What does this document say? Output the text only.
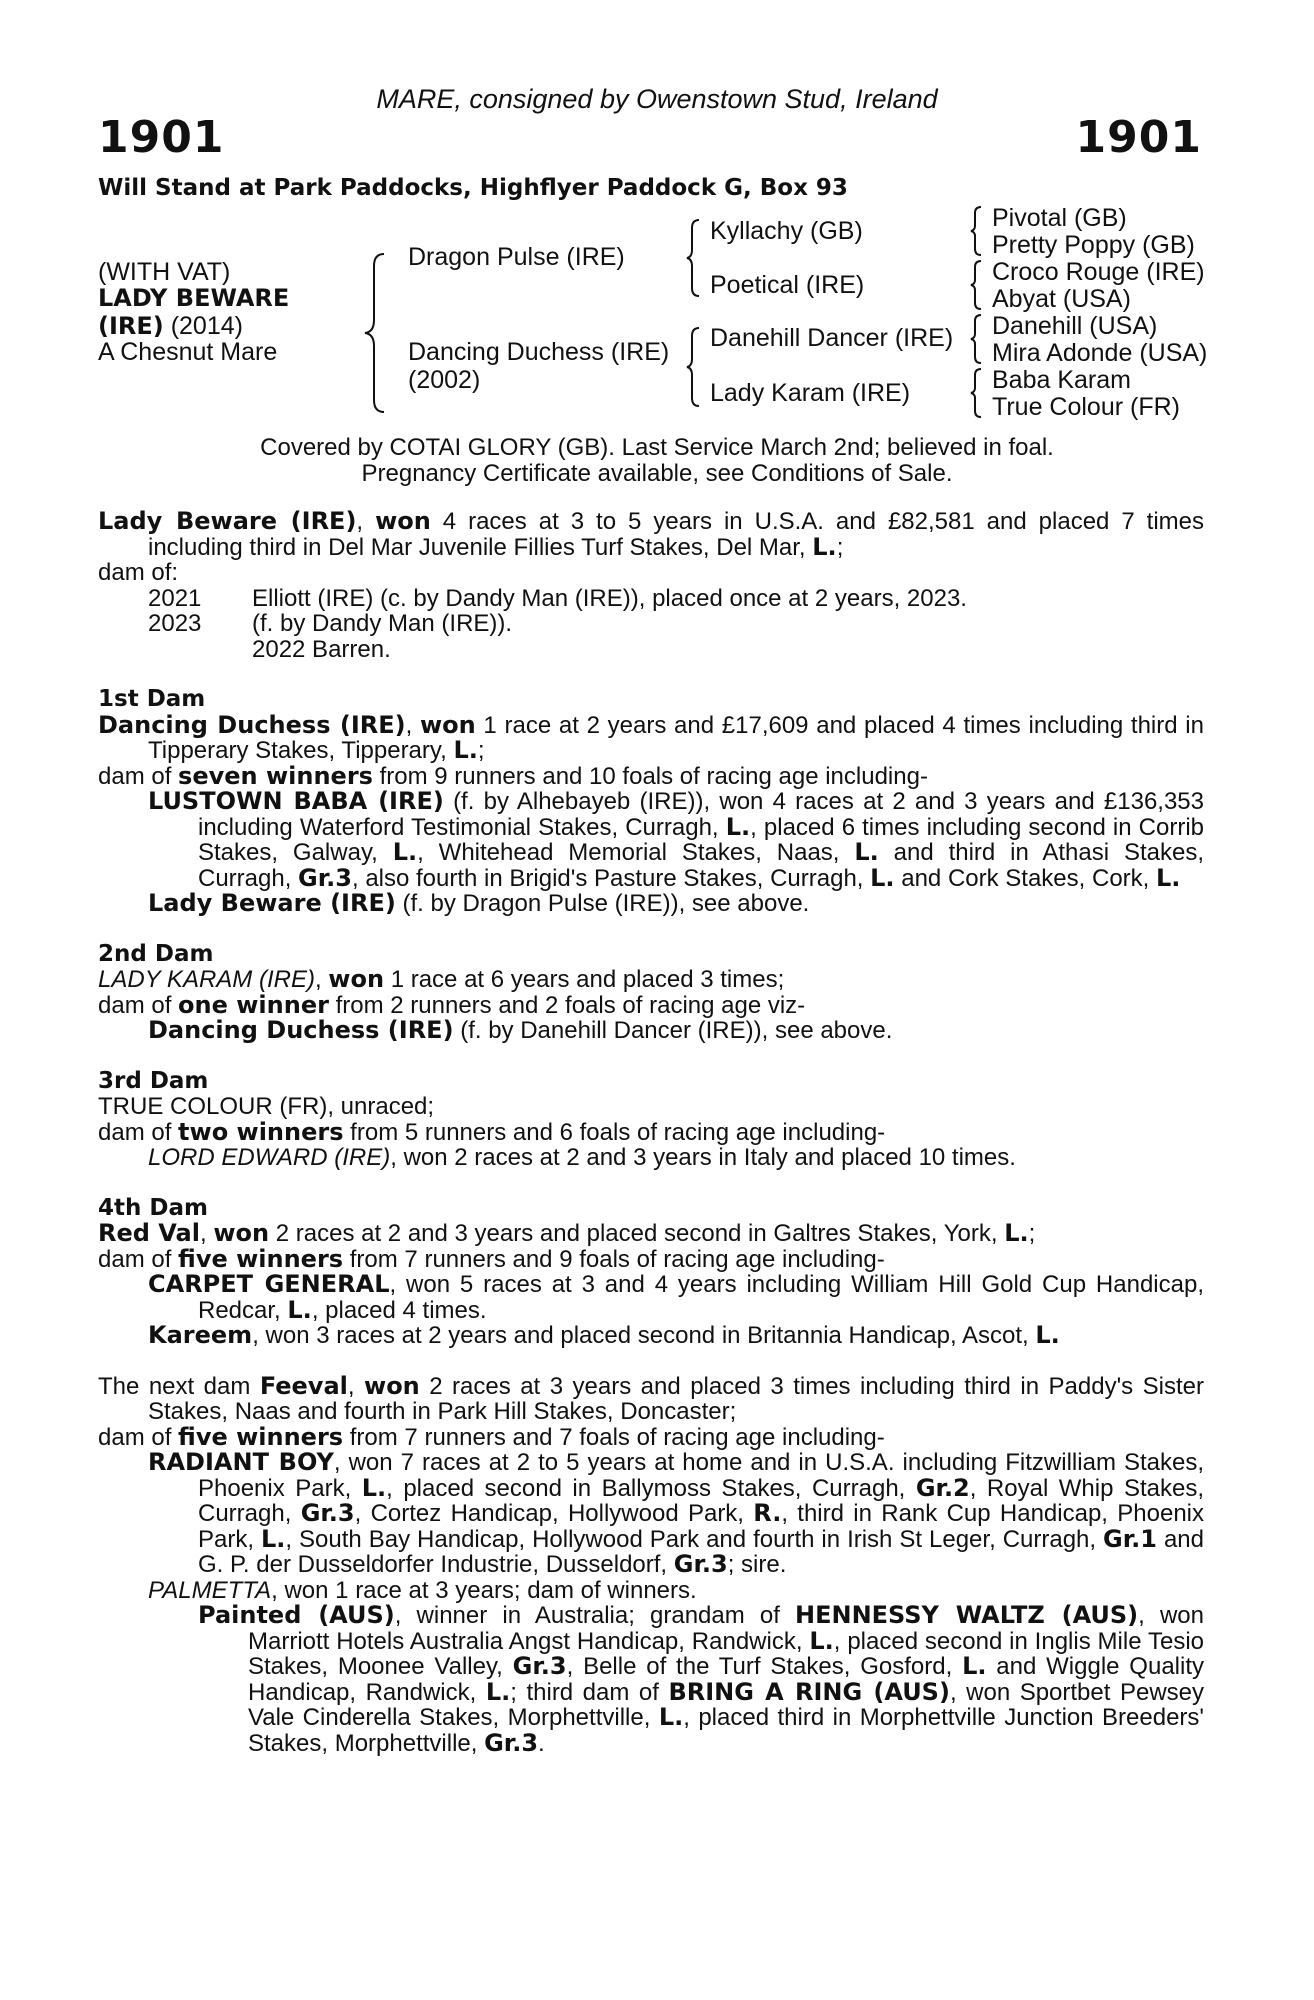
MARE, consigned by Owenstown Stud, Ireland
1901	1901
Will Stand at Park Paddocks, Highflyer Paddock G, Box 93
(WITH VAT)
LADY BEWARE
(IRE) (2014)
A Chesnut Mare
Dragon Pulse (IRE)
Dancing Duchess (IRE)
(2002)
Kyllachy (GB)
Poetical (IRE)
Danehill Dancer (IRE)
Lady Karam (IRE)
Pivotal (GB)
Pretty Poppy (GB)
Croco Rouge (IRE)
Abyat (USA)
Danehill (USA)
Mira Adonde (USA)
Baba Karam
True Colour (FR)
Covered by COTAI GLORY (GB). Last Service March 2nd; believed in foal.
Pregnancy Certificate available, see Conditions of Sale.

Lady Beware (IRE), won 4 races at 3 to 5 years in U.S.A. and £82,581 and placed 7 times including third in Del Mar Juvenile Fillies Turf Stakes, Del Mar, L.;

dam of:

2021 Elliott (IRE) (c. by Dandy Man (IRE)), placed once at 2 years, 2023.

2023 (f. by Dandy Man (IRE)).

2022 Barren.

1st Dam

Dancing Duchess (IRE), won 1 race at 2 years and £17,609 and placed 4 times including third in Tipperary Stakes, Tipperary, L.;

dam of seven winners from 9 runners and 10 foals of racing age including-

LUSTOWN BABA (IRE) (f. by Alhebayeb (IRE)), won 4 races at 2 and 3 years and £136,353 including Waterford Testimonial Stakes, Curragh, L., placed 6 times including second in Corrib Stakes, Galway, L., Whitehead Memorial Stakes, Naas, L. and third in Athasi Stakes, Curragh, Gr.3, also fourth in Brigid's Pasture Stakes, Curragh, L. and Cork Stakes, Cork, L.

Lady Beware (IRE) (f. by Dragon Pulse (IRE)), see above.

2nd Dam

LADY KARAM (IRE), won 1 race at 6 years and placed 3 times;

dam of one winner from 2 runners and 2 foals of racing age viz-

Dancing Duchess (IRE) (f. by Danehill Dancer (IRE)), see above.

3rd Dam

TRUE COLOUR (FR), unraced;

dam of two winners from 5 runners and 6 foals of racing age including-

LORD EDWARD (IRE), won 2 races at 2 and 3 years in Italy and placed 10 times.

4th Dam

Red Val, won 2 races at 2 and 3 years and placed second in Galtres Stakes, York, L.;

dam of five winners from 7 runners and 9 foals of racing age including-

CARPET GENERAL, won 5 races at 3 and 4 years including William Hill Gold Cup Handicap, Redcar, L., placed 4 times.

Kareem, won 3 races at 2 years and placed second in Britannia Handicap, Ascot, L.

The next dam Feeval, won 2 races at 3 years and placed 3 times including third in Paddy's Sister Stakes, Naas and fourth in Park Hill Stakes, Doncaster;

dam of five winners from 7 runners and 7 foals of racing age including-

RADIANT BOY, won 7 races at 2 to 5 years at home and in U.S.A. including Fitzwilliam Stakes, Phoenix Park, L., placed second in Ballymoss Stakes, Curragh, Gr.2, Royal Whip Stakes, Curragh, Gr.3, Cortez Handicap, Hollywood Park, R., third in Rank Cup Handicap, Phoenix Park, L., South Bay Handicap, Hollywood Park and fourth in Irish St Leger, Curragh, Gr.1 and G. P. der Dusseldorfer Industrie, Dusseldorf, Gr.3; sire.

PALMETTA, won 1 race at 3 years; dam of winners.

Painted (AUS), winner in Australia; grandam of HENNESSY WALTZ (AUS), won Marriott Hotels Australia Angst Handicap, Randwick, L., placed second in Inglis Mile Tesio Stakes, Moonee Valley, Gr.3, Belle of the Turf Stakes, Gosford, L. and Wiggle Quality Handicap, Randwick, L.; third dam of BRING A RING (AUS), won Sportbet Pewsey Vale Cinderella Stakes, Morphettville, L., placed third in Morphettville Junction Breeders' Stakes, Morphettville, Gr.3.
